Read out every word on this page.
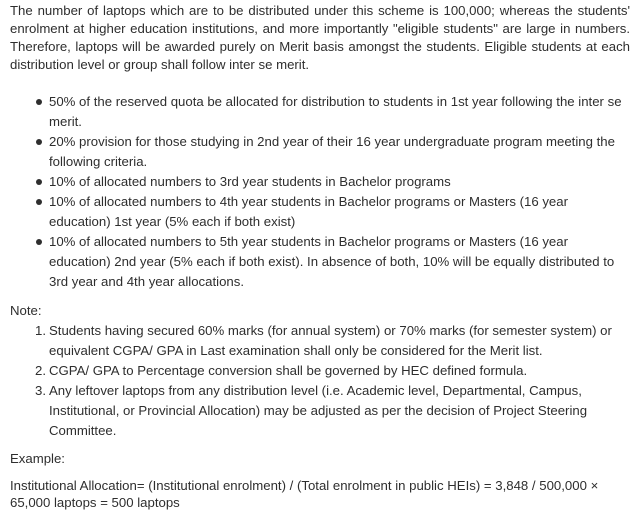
The number of laptops which are to be distributed under this scheme is 100,000; whereas the students' enrolment at higher education institutions, and more importantly "eligible students" are large in numbers. Therefore, laptops will be awarded purely on Merit basis amongst the students. Eligible students at each distribution level or group shall follow inter se merit.

50% of the reserved quota be allocated for distribution to students in 1st year following the inter se merit.
20% provision for those studying in 2nd year of their 16 year undergraduate program meeting the following criteria.
10% of allocated numbers to 3rd year students in Bachelor programs
10% of allocated numbers to 4th year students in Bachelor programs or Masters (16 year education) 1st year (5% each if both exist)
10% of allocated numbers to 5th year students in Bachelor programs or Masters (16 year education) 2nd year (5% each if both exist). In absence of both, 10% will be equally distributed to 3rd year and 4th year allocations.
Note:
1. Students having secured 60% marks (for annual system) or 70% marks (for semester system) or equivalent CGPA/ GPA in Last examination shall only be considered for the Merit list.
2. CGPA/ GPA to Percentage conversion shall be governed by HEC defined formula.
3. Any leftover laptops from any distribution level (i.e. Academic level, Departmental, Campus, Institutional, or Provincial Allocation) may be adjusted as per the decision of Project Steering Committee.
Example:
Institutional Allocation= (Institutional enrolment) / (Total enrolment in public HEIs) = 3,848 / 500,000 × 65,000 laptops = 500 laptops
